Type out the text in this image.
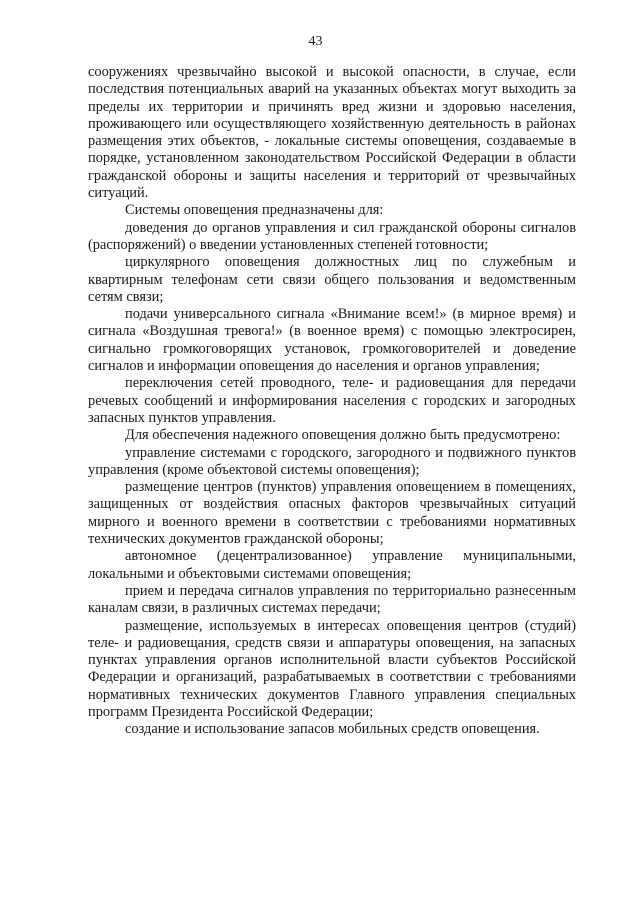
43

сооружениях чрезвычайно высокой и высокой опасности, в случае, если последствия потенциальных аварий на указанных объектах могут выходить за пределы их территории и причинять вред жизни и здоровью населения, проживающего или осуществляющего хозяйственную деятельность в районах размещения этих объектов, - локальные системы оповещения, создаваемые в порядке, установленном законодательством Российской Федерации в области гражданской обороны и защиты населения и территорий от чрезвычайных ситуаций.

Системы оповещения предназначены для:

доведения до органов управления и сил гражданской обороны сигналов (распоряжений) о введении установленных степеней готовности;

циркулярного оповещения должностных лиц по служебным и квартирным телефонам сети связи общего пользования и ведомственным сетям связи;

подачи универсального сигнала «Внимание всем!» (в мирное время) и сигнала «Воздушная тревога!» (в военное время) с помощью электросирен, сигнально громкоговорящих установок, громкоговорителей и доведение сигналов и информации оповещения до населения и органов управления;

переключения сетей проводного, теле- и радиовещания для передачи речевых сообщений и информирования населения с городских и загородных запасных пунктов управления.

Для обеспечения надежного оповещения должно быть предусмотрено:

управление системами с городского, загородного и подвижного пунктов управления (кроме объектовой системы оповещения);

размещение центров (пунктов) управления оповещением в помещениях, защищенных от воздействия опасных факторов чрезвычайных ситуаций мирного и военного времени в соответствии с требованиями нормативных технических документов гражданской обороны;

автономное (децентрализованное) управление муниципальными, локальными и объектовыми системами оповещения;

прием и передача сигналов управления по территориально разнесенным каналам связи, в различных системах передачи;

размещение, используемых в интересах оповещения центров (студий) теле- и радиовещания, средств связи и аппаратуры оповещения, на запасных пунктах управления органов исполнительной власти субъектов Российской Федерации и организаций, разрабатываемых в соответствии с требованиями нормативных технических документов Главного управления специальных программ Президента Российской Федерации;

создание и использование запасов мобильных средств оповещения.
